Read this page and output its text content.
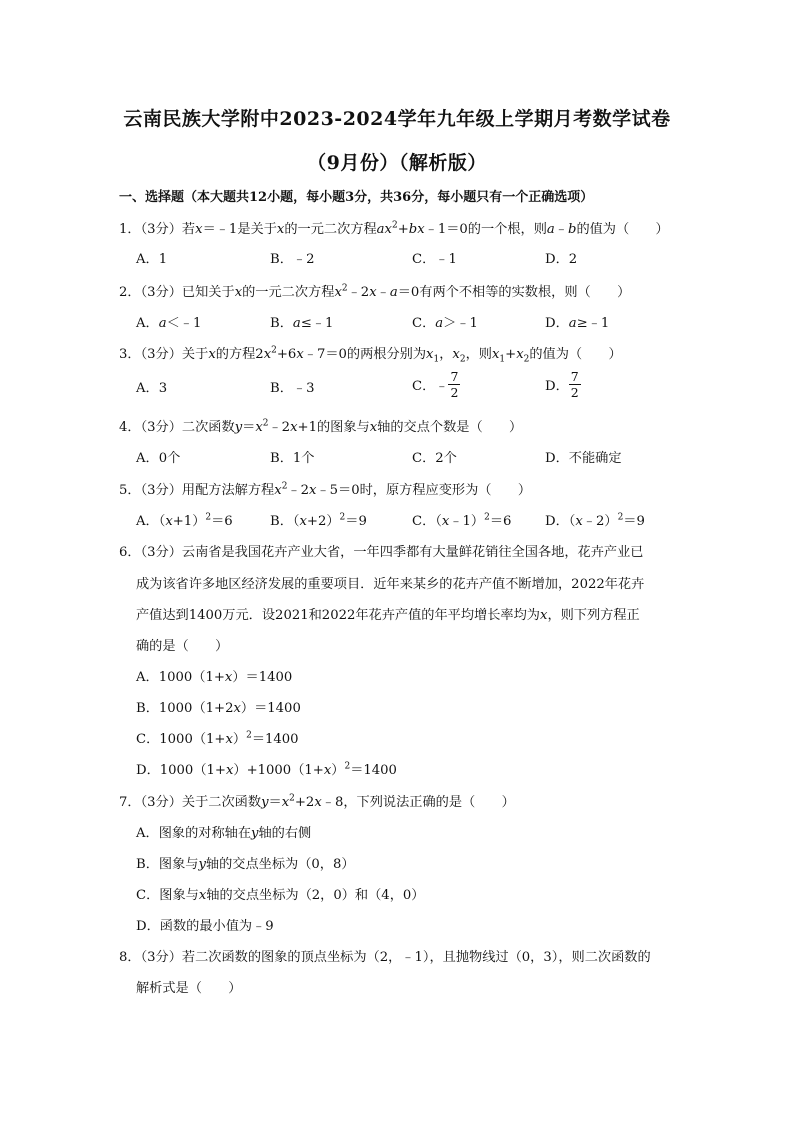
云南民族大学附中2023-2024学年九年级上学期月考数学试卷
（9月份）（解析版）
一、选择题（本大题共12小题，每小题3分，共36分，每小题只有一个正确选项）
1．（3分）若x＝﹣1是关于x的一元二次方程$ax^2+bx﹣1=0$的一个根，则a﹣b的值为（　　）
A．1	B．﹣2	C．﹣1	D．2
2．（3分）已知关于x的一元二次方程$x^2﹣2x﹣a=0$有两个不相等的实数根，则（　　）
A．a＜﹣1	B．a≤﹣1	C．a＞﹣1	D．a≥﹣1
3．（3分）关于x的方程$2x^2+6x﹣7=0$的两根分别为$x_1$，$x_2$，则$x_1+x_2$的值为（　　）
A．3	B．﹣3	C．﹣ $\frac{7}{2}$	D． $\frac{7}{2}$
4．（3分）二次函数$y=x^2﹣2x+1$的图象与x轴的交点个数是（　　）
A．0个	B．1个	C．2个	D．不能确定
5．（3分）用配方法解方程$x^2﹣2x﹣5=0$时，原方程应变形为（　　）
A．$(x+1)^2=6$	B．$(x+2)^2=9$	C．（x﹣1）$^2$＝6	D．（x﹣2）$^2$＝9
6．（3分）云南省是我国花卉产业大省，一年四季都有大量鲜花销往全国各地，花卉产业已
成为该省许多地区经济发展的重要项目．近年来某乡的花卉产值不断增加，2022年花卉
产值达到1400万元．设2021和2022年花卉产值的年平均增长率均为x，则下列方程正
确的是（　　）
A．1000（1+x）＝1400
B．1000（1+2x）＝1400
C．$1000(1+x)^2=1400$
D．$1000(1+x)+1000(1+x)^2=1400$
7．（3分）关于二次函数$y=x^2+2x﹣8$，下列说法正确的是（　　）
A．图象的对称轴在y轴的右侧
B．图象与y轴的交点坐标为（0，8）
C．图象与x轴的交点坐标为（2，0）和（4，0）
D．函数的最小值为﹣9
8．（3分）若二次函数的图象的顶点坐标为（2，﹣1），且抛物线过（0，3），则二次函数的
解析式是（　　）
